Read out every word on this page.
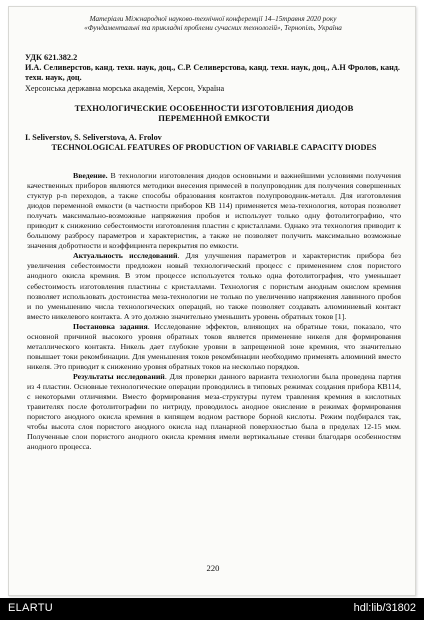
Матеріали Міжнародної науково-технічної конференції 14–15травня 2020 року
«Фундаментальні та прикладні проблеми сучасних технологій», Тернопіль, Україна
УДК 621.382.2
И.А. Селиверстов, канд. техн. наук, доц., С.Р. Селиверстова, канд. техн. наук, доц., А.Н Фролов, канд. техн. наук, доц.
Херсонська державна морська академія, Херсон, Україна
ТЕХНОЛОГИЧЕСКИЕ ОСОБЕННОСТИ ИЗГОТОВЛЕНИЯ ДИОДОВ ПЕРЕМЕННОЙ ЕМКОСТИ
I. Seliverstov, S. Seliverstova, A. Frolov
TECHNOLOGICAL FEATURES OF PRODUCTION OF VARIABLE CAPACITY DIODES

Введение. В технологии изготовления диодов основными и важнейшими условиями получения качественных приборов являются методики внесения примесей в полупроводник для получения совершенных стуктур p-n переходов, а также способы образования контактов полупроводник-металл. Для изготовления диодов переменной емкости (в частности приборов КВ 114) применяется меза-технология, которая позволяет получать максимально-возможные напряжения пробоя и использует только одну фотолитографию, что приводит к снижению себестоимости изготовления пластин с кристаллами. Однако эта технология приводит к большому разбросу параметров и характеристик, а также не позволяет получить максимально возможные значения добротности и коэффициента перекрытия по емкости.

Актуальность исследований. Для улучшения параметров и характеристик прибора без увеличения себестоимости предложен новый технологический процесс с применением слоя пористого анодного окисла кремния. В этом процессе используется только одна фотолитография, что уменьшает себестоимость изготовления пластины с кристаллами. Технология с пористым анодным окислом кремния позволяет использовать достоинства меза-технологии не только по увеличению напряжения лавинного пробоя и по уменьшению числа технологических операций, но также позволяет создавать алюминиевый контакт вместо никелевого контакта. А это должно значительно уменьшить уровень обратных токов [1].

Постановка задания. Исследование эффектов, влияющих на обратные токи, показало, что основной причиной высокого уровня обратных токов является применение никеля для формирования металлического контакта. Никель дает глубокие уровни в запрещенной зоне кремния, что значительно повышает токи рекомбинации. Для уменьшения токов рекомбинации необходимо применять алюминий вместо никеля. Это приводит к снижению уровня обратных токов на несколько порядков.

Результаты исследований. Для проверки данного варианта технологии была проведена партия из 4 пластин. Основные технологические операции проводились в типовых режимах создания прибора КВ114, с некоторыми отличиями. Вместо формирования меза-структуры путем травления кремния в кислотных травителях после фотолитографии по нитриду, проводилось анодное окисление в режимах формирования пористого анодного окисла кремния в кипящем водном растворе борной кислоты. Режим подбирался так, чтобы высота слоя пористого анодного окисла над планарной поверхностью была в пределах 12-15 мкм. Полученные слои пористого анодного окисла кремния имели вертикальные стенки благодаря особенностям анодного процесса.

220
ELARTU	hdl:lib/31802
